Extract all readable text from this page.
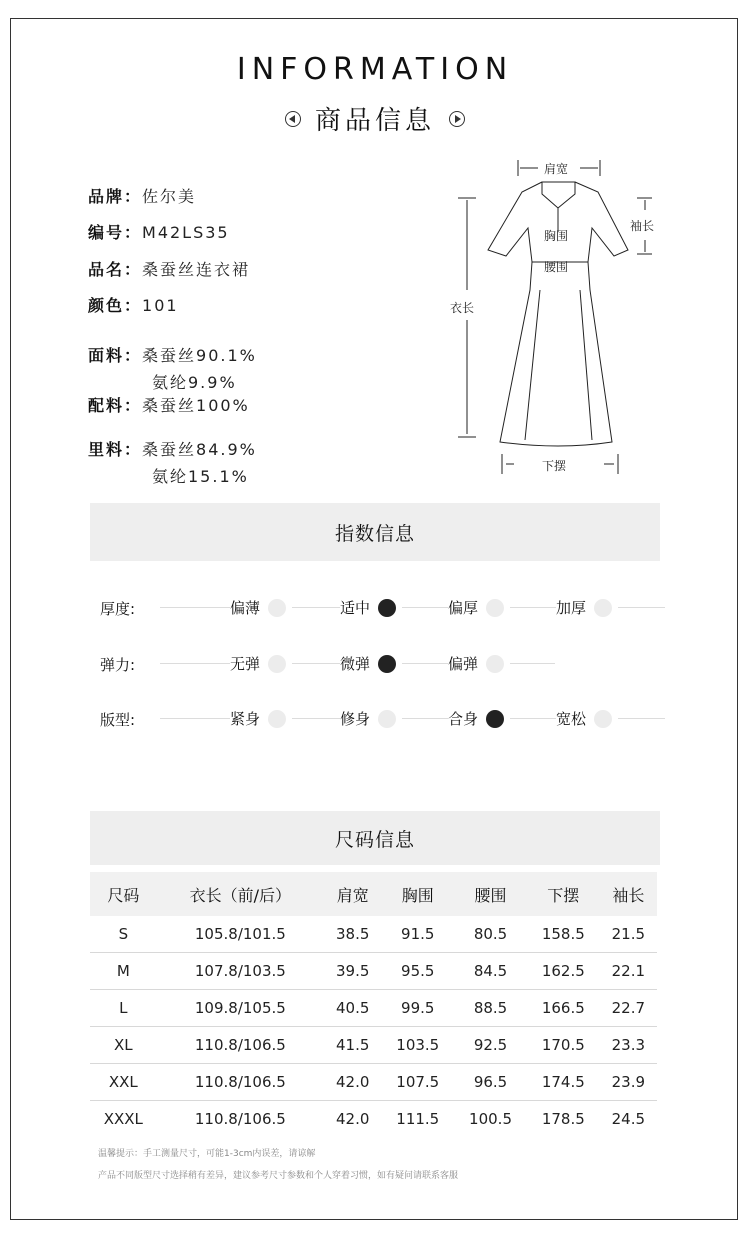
INFORMATION
商品信息
品牌：佐尔美
编号：M42LS35
品名：桑蚕丝连衣裙
颜色：101
面料：桑蚕丝90.1%
氨纶9.9%
配料：桑蚕丝100%
里料：桑蚕丝84.9%
氨纶15.1%
肩宽
袖长
胸围
腰围
衣长
下摆
指数信息
厚度:	偏薄	适中	偏厚	加厚
弹力:	无弹	微弹	偏弹
版型:	紧身	修身	合身	宽松
尺码信息
尺码	衣长（前/后）	肩宽	胸围	腰围	下摆	袖长
S	105.8/101.5	38.5	91.5	80.5	158.5	21.5
M	107.8/103.5	39.5	95.5	84.5	162.5	22.1
L	109.8/105.5	40.5	99.5	88.5	166.5	22.7
XL	110.8/106.5	41.5	103.5	92.5	170.5	23.3
XXL	110.8/106.5	42.0	107.5	96.5	174.5	23.9
XXXL	110.8/106.5	42.0	111.5	100.5	178.5	24.5
温馨提示：手工测量尺寸，可能1-3cm内误差，请谅解
产品不同版型尺寸选择稍有差异，建议参考尺寸参数和个人穿着习惯，如有疑问请联系客服
